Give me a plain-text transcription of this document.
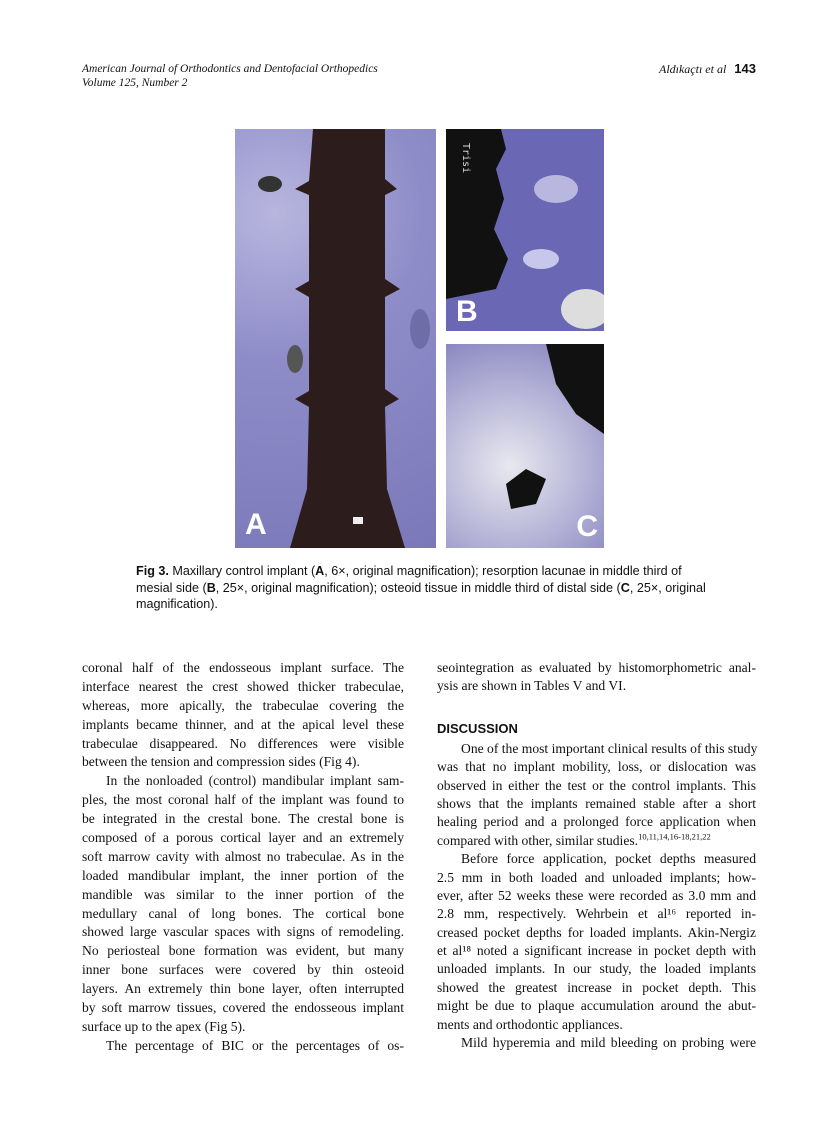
American Journal of Orthodontics and Dentofacial Orthopedics
Volume 125, Number 2
Aldıkaçtı et al 143
A
Trisi
B
C
Fig 3. Maxillary control implant (A, 6×, original magnification); resorption lacunae in middle third of mesial side (B, 25×, original magnification); osteoid tissue in middle third of distal side (C, 25×, original magnification).
coronal half of the endosseous implant surface. The
interface nearest the crest showed thicker trabeculae,
whereas, more apically, the trabeculae covering the
implants became thinner, and at the apical level these
trabeculae disappeared. No differences were visible
between the tension and compression sides (Fig 4).
In the nonloaded (control) mandibular implant sam-
ples, the most coronal half of the implant was found to
be integrated in the crestal bone. The crestal bone is
composed of a porous cortical layer and an extremely
soft marrow cavity with almost no trabeculae. As in the
loaded mandibular implant, the inner portion of the
mandible was similar to the inner portion of the
medullary canal of long bones. The cortical bone
showed large vascular spaces with signs of remodeling.
No periosteal bone formation was evident, but many
inner bone surfaces were covered by thin osteoid
layers. An extremely thin bone layer, often interrupted
by soft marrow tissues, covered the endosseous implant
surface up to the apex (Fig 5).
The percentage of BIC or the percentages of os-
seointegration as evaluated by histomorphometric anal-
ysis are shown in Tables V and VI.
DISCUSSION
One of the most important clinical results of this study
was that no implant mobility, loss, or dislocation was
observed in either the test or the control implants. This
shows that the implants remained stable after a short
healing period and a prolonged force application when
compared with other, similar studies.$^{10,11,14,16-18,21,22}$
Before force application, pocket depths measured
2.5 mm in both loaded and unloaded implants; how-
ever, after 52 weeks these were recorded as 3.0 mm and
2.8 mm, respectively. Wehrbein et al¹⁶ reported in-
creased pocket depths for loaded implants. Akin-Nergiz
et al¹⁸ noted a significant increase in pocket depth with
unloaded implants. In our study, the loaded implants
showed the greatest increase in pocket depth. This
might be due to plaque accumulation around the abut-
ments and orthodontic appliances.
Mild hyperemia and mild bleeding on probing were
